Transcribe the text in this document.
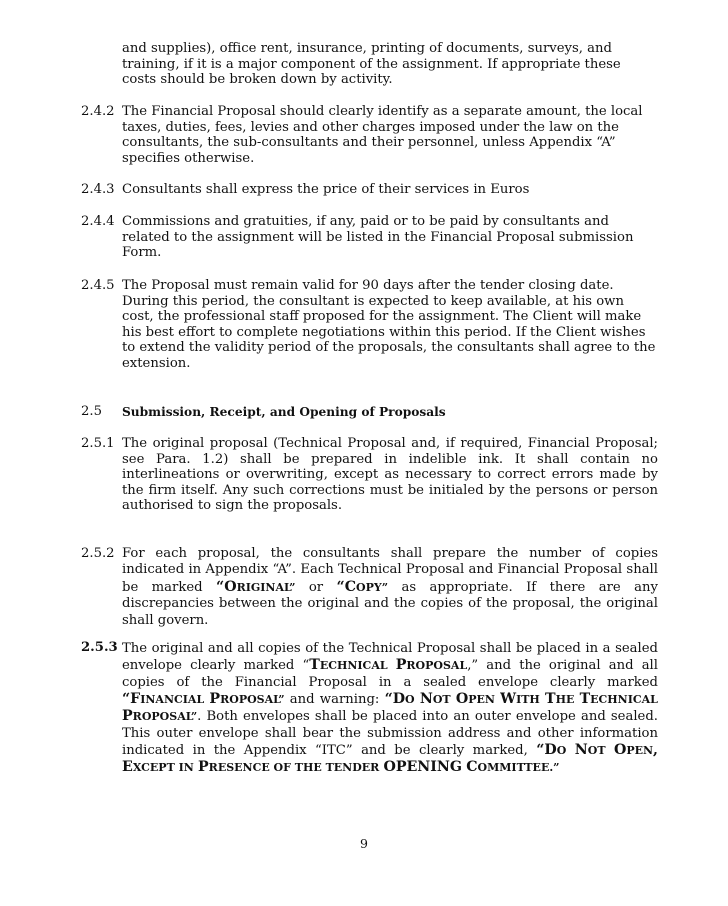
and supplies), office rent, insurance, printing of documents, surveys, and training, if it is a major component of the assignment. If appropriate these costs should be broken down by activity.

2.4.2 The Financial Proposal should clearly identify as a separate amount, the local taxes, duties, fees, levies and other charges imposed under the law on the consultants, the sub-consultants and their personnel, unless Appendix “A” specifies otherwise.

2.4.3 Consultants shall express the price of their services in Euros

2.4.4 Commissions and gratuities, if any, paid or to be paid by consultants and related to the assignment will be listed in the Financial Proposal submission Form.

2.4.5 The Proposal must remain valid for 90 days after the tender closing date. During this period, the consultant is expected to keep available, at his own cost, the professional staff proposed for the assignment. The Client will make his best effort to complete negotiations within this period. If the Client wishes to extend the validity period of the proposals, the consultants shall agree to the extension.

2.5 Submission, Receipt, and Opening of Proposals

2.5.1 The original proposal (Technical Proposal and, if required, Financial Proposal; see Para. 1.2) shall be prepared in indelible ink. It shall contain no interlineations or overwriting, except as necessary to correct errors made by the firm itself. Any such corrections must be initialed by the persons or person authorised to sign the proposals.

2.5.2 For each proposal, the consultants shall prepare the number of copies indicated in Appendix “A”. Each Technical Proposal and Financial Proposal shall be marked “ORIGINAL” or “COPY” as appropriate. If there are any discrepancies between the original and the copies of the proposal, the original shall govern.

2.5.3 The original and all copies of the Technical Proposal shall be placed in a sealed envelope clearly marked “TECHNICAL PROPOSAL,” and the original and all copies of the Financial Proposal in a sealed envelope clearly marked “FINANCIAL PROPOSAL” and warning: “DO NOT OPEN WITH THE TECHNICAL PROPOSAL”. Both envelopes shall be placed into an outer envelope and sealed. This outer envelope shall bear the submission address and other information indicated in the Appendix “ITC” and be clearly marked, “DO NOT OPEN, EXCEPT IN PRESENCE OF THE TENDER OPENING COMMITTEE.”

9
